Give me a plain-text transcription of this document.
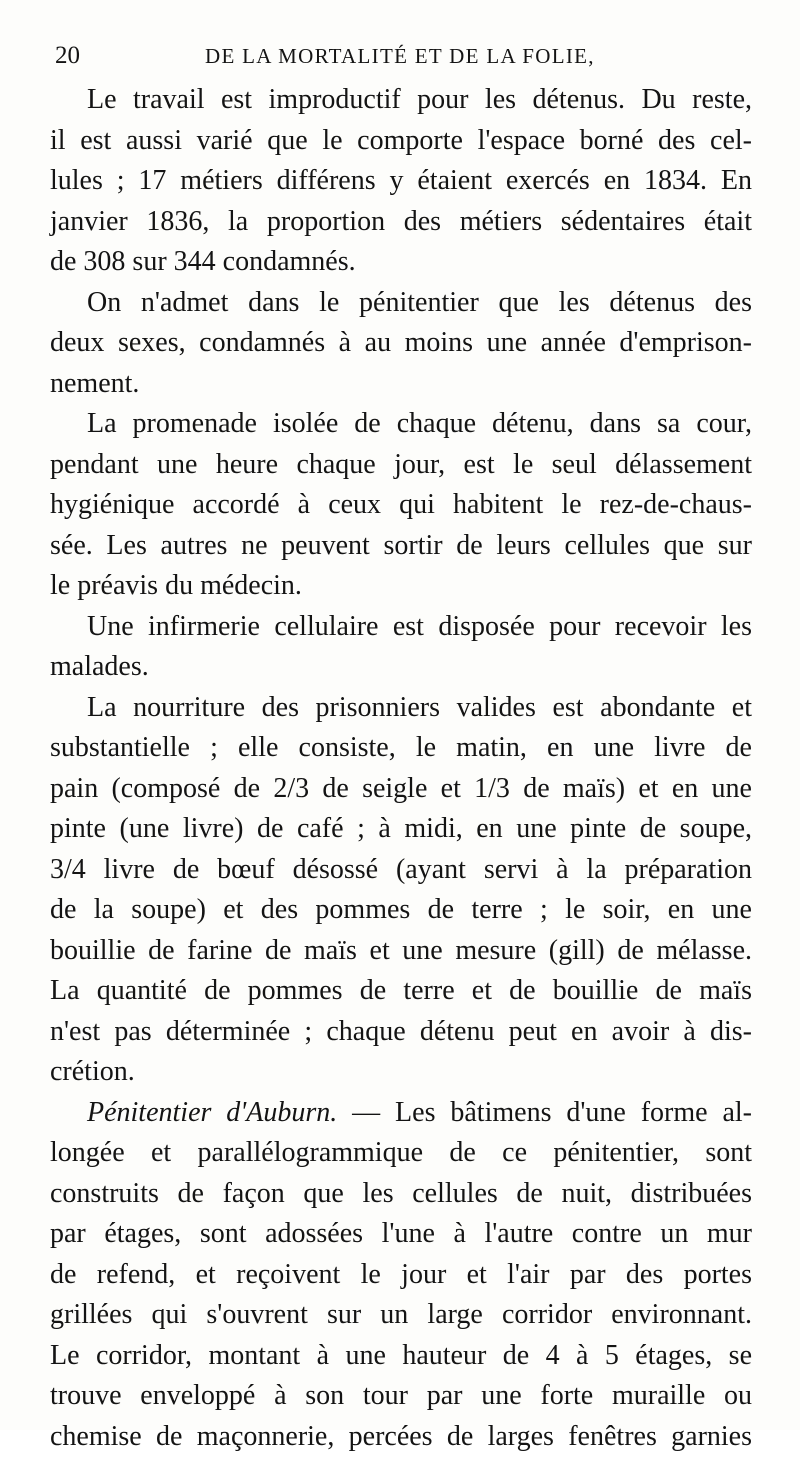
20	DE LA MORTALITÉ ET DE LA FOLIE,
Le travail est improductif pour les détenus. Du reste,
il est aussi varié que le comporte l'espace borné des cel-
lules ; 17 métiers différens y étaient exercés en 1834. En
janvier 1836, la proportion des métiers sédentaires était
de 308 sur 344 condamnés.
On n'admet dans le pénitentier que les détenus des
deux sexes, condamnés à au moins une année d'emprison-
nement.
La promenade isolée de chaque détenu, dans sa cour,
pendant une heure chaque jour, est le seul délassement
hygiénique accordé à ceux qui habitent le rez-de-chaus-
sée. Les autres ne peuvent sortir de leurs cellules que sur
le préavis du médecin.
Une infirmerie cellulaire est disposée pour recevoir les
malades.
La nourriture des prisonniers valides est abondante et
substantielle ; elle consiste, le matin, en une livre de
pain (composé de 2/3 de seigle et 1/3 de maïs) et en une
pinte (une livre) de café ; à midi, en une pinte de soupe,
3/4 livre de bœuf désossé (ayant servi à la préparation
de la soupe) et des pommes de terre ; le soir, en une
bouillie de farine de maïs et une mesure (gill) de mélasse.
La quantité de pommes de terre et de bouillie de maïs
n'est pas déterminée ; chaque détenu peut en avoir à dis-
crétion.
Pénitentier d'Auburn. — Les bâtimens d'une forme al-
longée et parallélogrammique de ce pénitentier, sont
construits de façon que les cellules de nuit, distribuées
par étages, sont adossées l'une à l'autre contre un mur
de refend, et reçoivent le jour et l'air par des portes
grillées qui s'ouvrent sur un large corridor environnant.
Le corridor, montant à une hauteur de 4 à 5 étages, se
trouve enveloppé à son tour par une forte muraille ou
chemise de maçonnerie, percées de larges fenêtres garnies
